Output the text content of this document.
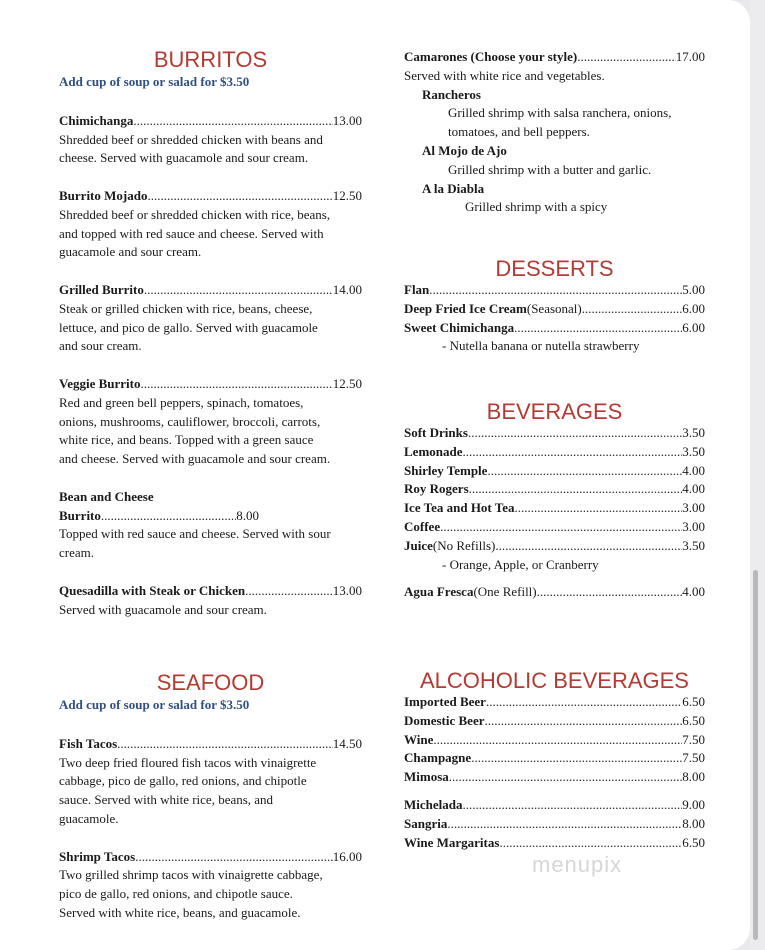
BURRITOS
Add cup of soup or salad for $3.50
Chimichanga .....	13.00
Shredded beef or shredded chicken with beans and
cheese. Served with guacamole and sour cream.
Burrito Mojado .....	12.50
Shredded beef or shredded chicken with rice, beans,
and topped with red sauce and cheese. Served with
guacamole and sour cream.
Grilled Burrito .....	14.00
Steak or grilled chicken with rice, beans, cheese,
lettuce, and pico de gallo. Served with guacamole
and sour cream.
Veggie Burrito .....	12.50
Red and green bell peppers, spinach, tomatoes,
onions, mushrooms, cauliflower, broccoli, carrots,
white rice, and beans. Topped with a green sauce
and cheese. Served with guacamole and sour cream.
Bean and Cheese
Burrito .....	8.00
Topped with red sauce and cheese. Served with sour
cream.
Quesadilla with Steak or Chicken .....	13.00
Served with guacamole and sour cream.
SEAFOOD
Add cup of soup or salad for $3.50
Fish Tacos .....	14.50
Two deep fried floured fish tacos with vinaigrette
cabbage, pico de gallo, red onions, and chipotle
sauce. Served with white rice, beans, and
guacamole.
Shrimp Tacos .....	16.00
Two grilled shrimp tacos with vinaigrette cabbage,
pico de gallo, red onions, and chipotle sauce.
Served with white rice, beans, and guacamole.
Camarones (Choose your style) .....	17.00
Served with white rice and vegetables.
Rancheros
Grilled shrimp with salsa ranchera, onions,
tomatoes, and bell peppers.
Al Mojo de Ajo
Grilled shrimp with a butter and garlic.
A la Diabla
Grilled shrimp with a spicy
DESSERTS
Flan .....	5.00
Deep Fried Ice Cream (Seasonal) .....	6.00
Sweet Chimichanga .....	6.00
- Nutella banana or nutella strawberry
BEVERAGES
Soft Drinks .....	3.50
Lemonade .....	3.50
Shirley Temple .....	4.00
Roy Rogers .....	4.00
Ice Tea and Hot Tea .....	3.00
Coffee .....	3.00
Juice (No Refills) .....	3.50
- Orange, Apple, or Cranberry
Agua Fresca (One Refill) .....	4.00
ALCOHOLIC BEVERAGES
Imported Beer .....	6.50
Domestic Beer .....	6.50
Wine .....	7.50
Champagne .....	7.50
Mimosa .....	8.00
Michelada .....	9.00
Sangria .....	8.00
Wine Margaritas .....	6.50
menupix
